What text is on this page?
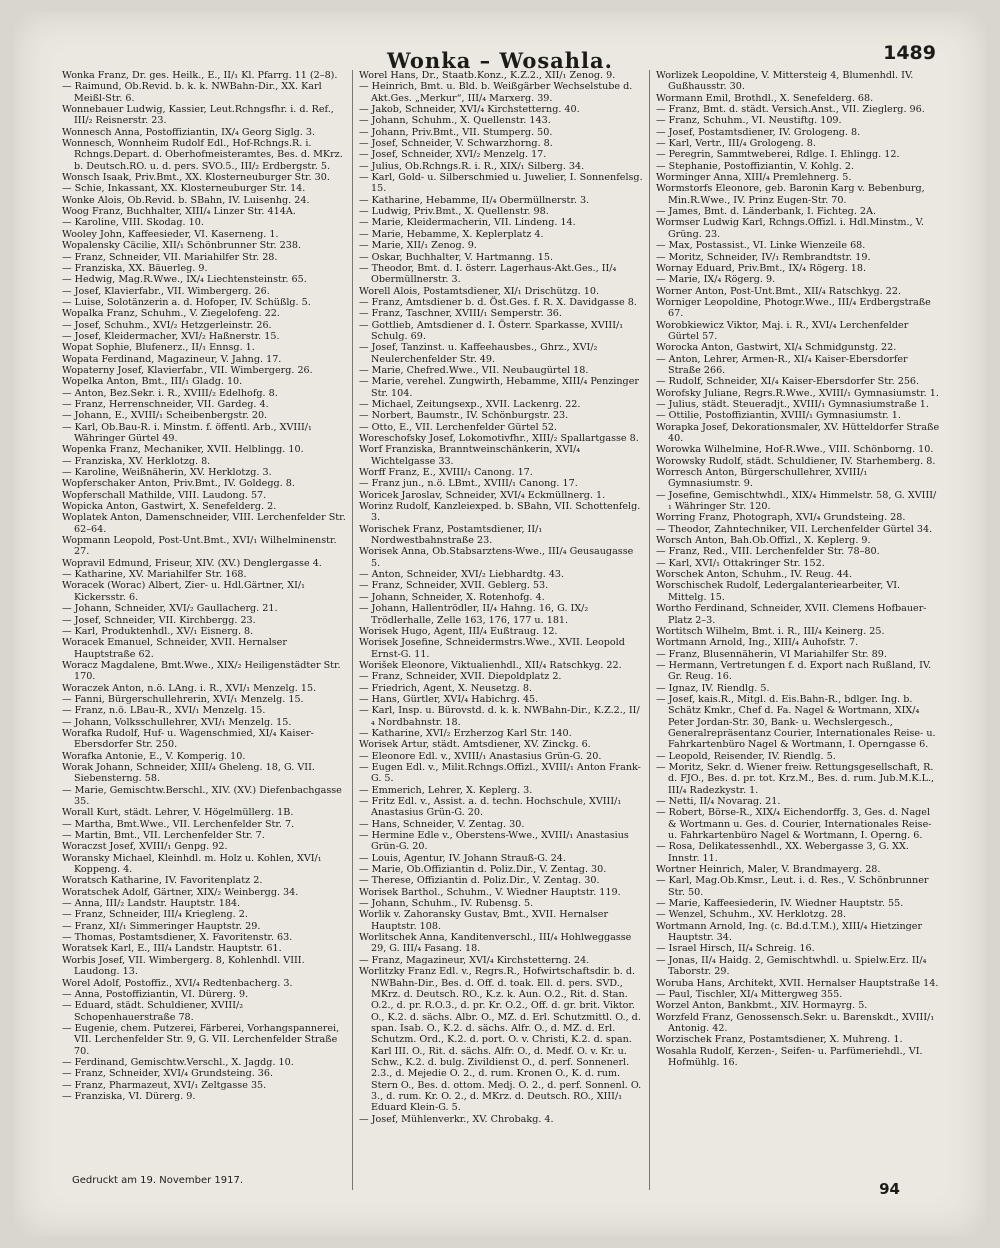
Wonka – Wosahla.	1489

Wonka Franz, Dr. ges. Heilk., E., II/₁ Kl. Pfarrg. 11 (2–8).

— Raimund, Ob.Revid. b. k. k. NWBahn-Dir., XX. Karl Meißl-Str. 6.

Wonnebauer Ludwig, Kassier, Leut.Rchngsfhr. i. d. Ref., III/₂ Reisnerstr. 23.

Wonnesch Anna, Postoffiziantin, IX/₄ Georg Siglg. 3.

Wonnesch, Wonnheim Rudolf Edl., Hof-Rchngs.R. i. Rchngs.Depart. d. Oberhofmeisteramtes, Bes. d. MKrz. b. Deutsch.RO. u. d. pers. SVO.5., III/₂ Erdbergstr. 5.

Wonsch Isaak, Priv.Bmt., XX. Klosterneuburger Str. 30.

— Schie, Inkassant, XX. Klosterneuburger Str. 14.

Wonke Alois, Ob.Revid. b. SBahn, IV. Luisenhg. 24.

Woog Franz, Buchhalter, XIII/₄ Linzer Str. 414A.

— Karoline, VIII. Skodag. 10.

Wooley John, Kaffeesieder, VI. Kaserneng. 1.

Wopalensky Cäcilie, XII/₁ Schönbrunner Str. 238.

— Franz, Schneider, VII. Mariahilfer Str. 28.

— Franziska, XX. Bäuerleg. 9.

— Hedwig, Mag.R.Wwe., IX/₄ Liechtensteinstr. 65.

— Josef, Klavierfabr., VII. Wimbergerg. 26.

— Luise, Solotänzerin a. d. Hofoper, IV. Schüßlg. 5.

Wopalka Franz, Schuhm., V. Ziegelofeng. 22.

— Josef, Schuhm., XVI/₂ Hetzgerleinstr. 26.

— Josef, Kleidermacher, XVI/₂ Haßnerstr. 15.

Wopat Sophie, Blufenerz., II/₁ Ennsg. 1.

Wopata Ferdinand, Magazineur, V. Jahng. 17.

Wopaterny Josef, Klavierfabr., VII. Wimbergerg. 26.

Wopelka Anton, Bmt., III/₁ Gladg. 10.

— Anton, Bez.Sekr. i. R., XVIII/₂ Edelhofg. 8.

— Franz, Herrenschneider, VII. Gardeg. 4.

— Johann, E., XVIII/₁ Scheibenbergstr. 20.

— Karl, Ob.Bau-R. i. Minstm. f. öffentl. Arb., XVIII/₁ Währinger Gürtel 49.

Wopenka Franz, Mechaniker, XVII. Helblingg. 10.

— Franziska, XV. Herklotzg. 8.

— Karoline, Weißnäherin, XV. Herklotzg. 3.

Wopferschaker Anton, Priv.Bmt., IV. Goldegg. 8.

Wopferschall Mathilde, VIII. Laudong. 57.

Wopicka Anton, Gastwirt, X. Senefelderg. 2.

Woplatek Anton, Damenschneider, VIII. Lerchenfelder Str. 62–64.

Wopmann Leopold, Post-Unt.Bmt., XVI/₁ Wilhelminenstr. 27.

Wopravil Edmund, Friseur, XIV. (XV.) Denglergasse 4.

— Katharine, XV. Mariahilfer Str. 168.

Woracek (Worac) Albert, Zier- u. Hdl.Gärtner, XI/₁ Kickersstr. 6.

— Johann, Schneider, XVI/₂ Gaullacherg. 21.

— Josef, Schneider, VII. Kirchbergg. 23.

— Karl, Produktenhdl., XV/₁ Eisnerg. 8.

Woracek Emanuel, Schneider, XVII. Hernalser Hauptstraße 62.

Woracz Magdalene, Bmt.Wwe., XIX/₂ Heiligenstädter Str. 170.

Woraczek Anton, n.ö. LAng. i. R., XVI/₁ Menzelg. 15.

— Fanni, Bürgerschullehrerin, XVI/₁ Menzelg. 15.

— Franz, n.ö. LBau-R., XVI/₁ Menzelg. 15.

— Johann, Volksschullehrer, XVI/₁ Menzelg. 15.

Worafka Rudolf, Huf- u. Wagenschmied, XI/₄ Kaiser-Ebersdorfer Str. 250.

Worafka Antonie, E., V. Komperig. 10.

Worak Johann, Schneider, XIII/₄ Gheleng. 18, G. VII. Siebensterng. 58.

— Marie, Gemischtw.Berschl., XIV. (XV.) Diefenbachgasse 35.

Worall Kurt, städt. Lehrer, V. Högelmüllerg. 1B.

— Martha, Bmt.Wwe., VII. Lerchenfelder Str. 7.

— Martin, Bmt., VII. Lerchenfelder Str. 7.

Woraczst Josef, XVIII/₁ Genpg. 92.

Woransky Michael, Kleinhdl. m. Holz u. Kohlen, XVI/₁ Koppeng. 4.

Woratsch Katharine, IV. Favoritenplatz 2.

Woratschek Adolf, Gärtner, XIX/₂ Weinbergg. 34.

— Anna, III/₂ Landstr. Hauptstr. 184.

— Franz, Schneider, III/₄ Kriegleng. 2.

— Franz, XI/₁ Simmeringer Hauptstr. 29.

— Thomas, Postamtsdiener, X. Favoritenstr. 63.

Woratsek Karl, E., III/₄ Landstr. Hauptstr. 61.

Worbis Josef, VII. Wimbergerg. 8, Kohlenhdl. VIII. Laudong. 13.

Worel Adolf, Postoffiz., XVI/₄ Redtenbacherg. 3.

— Anna, Postoffiziantin, VI. Dürerg. 9.

— Eduard, städt. Schuldiener, XVIII/₂ Schopenhauerstraße 78.

— Eugenie, chem. Putzerei, Färberei, Vorhangspannerei, VII. Lerchenfelder Str. 9, G. VII. Lerchenfelder Straße 70.

— Ferdinand, Gemischtw.Verschl., X. Jagdg. 10.

— Franz, Schneider, XVI/₄ Grundsteing. 36.

— Franz, Pharmazeut, XVI/₁ Zeltgasse 35.

— Franziska, VI. Dürerg. 9.

Worel Hans, Dr., Staatb.Konz., K.Z.2., XII/₁ Zenog. 9.

— Heinrich, Bmt. u. Bld. b. Weißgärber Wechselstube d. Akt.Ges. „Merkur“, III/₄ Marxerg. 39.

— Jakob, Schneider, XVI/₄ Kirchstetterng. 40.

— Johann, Schuhm., X. Quellenstr. 143.

— Johann, Priv.Bmt., VII. Stumperg. 50.

— Josef, Schneider, V. Schwarzhorng. 8.

— Josef, Schneider, XVI/₂ Menzelg. 17.

— Julius, Ob.Rchngs.R. i. R., XIX/₁ Silberg. 34.

— Karl, Gold- u. Silberschmied u. Juwelier, I. Sonnenfelsg. 15.

— Katharine, Hebamme, II/₄ Obermüllnerstr. 3.

— Ludwig, Priv.Bmt., X. Quellenstr. 98.

— Marie, Kleidermacherin, VII. Lindeng. 14.

— Marie, Hebamme, X. Keplerplatz 4.

— Marie, XII/₁ Zenog. 9.

— Oskar, Buchhalter, V. Hartmanng. 15.

— Theodor, Bmt. d. I. österr. Lagerhaus-Akt.Ges., II/₄ Obermüllnerstr. 3.

Worell Alois, Postamtsdiener, XI/₁ Drischützg. 10.

— Franz, Amtsdiener b. d. Öst.Ges. f. R. X. Davidgasse 8.

— Franz, Taschner, XVIII/₁ Semperstr. 36.

— Gottlieb, Amtsdiener d. I. Österr. Sparkasse, XVIII/₁ Schulg. 69.

— Josef, Tanzinst. u. Kaffeehausbes., Ghrz., XVI/₂ Neulerchenfelder Str. 49.

— Marie, Chefred.Wwe., VII. Neubaugürtel 18.

— Marie, verehel. Zungwirth, Hebamme, XIII/₄ Penzinger Str. 104.

— Michael, Zeitungsexp., XVII. Lackenrg. 22.

— Norbert, Baumstr., IV. Schönburgstr. 23.

— Otto, E., VII. Lerchenfelder Gürtel 52.

Woreschofsky Josef, Lokomotivfhr., XIII/₂ Spallartgasse 8.

Worf Franziska, Branntweinschänkerin, XVI/₄ Wichtelgasse 33.

Worff Franz, E., XVIII/₁ Canong. 17.

— Franz jun., n.ö. LBmt., XVIII/₁ Canong. 17.

Woricek Jaroslav, Schneider, XVI/₄ Eckmüllnerg. 1.

Worinz Rudolf, Kanzleiexped. b. SBahn, VII. Schottenfelg. 3.

Worischek Franz, Postamtsdiener, II/₁ Nordwestbahnstraße 23.

Worisek Anna, Ob.Stabsarztens-Wwe., III/₄ Geusaugasse 5.

— Anton, Schneider, XVI/₂ Liebhardtg. 43.

— Franz, Schneider, XVII. Geblerg. 53.

— Johann, Schneider, X. Rotenhofg. 4.

— Johann, Hallentrödler, II/₄ Hahng. 16, G. IX/₂ Trödlerhalle, Zelle 163, 176, 177 u. 181.

Worisek Hugo, Agent, III/₄ Eußtraug. 12.

Worisek Josefine, Schneidermstrs.Wwe., XVII. Leopold Ernst-G. 11.

Worišek Eleonore, Viktualienhdl., XII/₄ Ratschkyg. 22.

— Franz, Schneider, XVII. Diepoldplatz 2.

— Friedrich, Agent, X. Neusetzg. 8.

— Hans, Gürtler, XVI/₄ Habichrg. 45.

— Karl, Insp. u. Bürovstd. d. k. k. NWBahn-Dir., K.Z.2., II/₄ Nordbahnstr. 18.

— Katharine, XVI/₂ Erzherzog Karl Str. 140.

Worisek Artur, städt. Amtsdiener, XV. Zinckg. 6.

— Eleonore Edl. v., XVIII/₁ Anastasius Grün-G. 20.

— Eugen Edl. v., Milit.Rchngs.Offizl., XVIII/₁ Anton Frank-G. 5.

— Emmerich, Lehrer, X. Keplerg. 3.

— Fritz Edl. v., Assist. a. d. techn. Hochschule, XVIII/₁ Anastasius Grün-G. 20.

— Hans, Schneider, V. Zentag. 30.

— Hermine Edle v., Oberstens-Wwe., XVIII/₁ Anastasius Grün-G. 20.

— Louis, Agentur, IV. Johann Strauß-G. 24.

— Marie, Ob.Offiziantin d. Poliz.Dir., V. Zentag. 30.

— Therese, Offiziantin d. Poliz.Dir., V. Zentag. 30.

Worisek Barthol., Schuhm., V. Wiedner Hauptstr. 119.

— Johann, Schuhm., IV. Rubensg. 5.

Worlik v. Zahoransky Gustav, Bmt., XVII. Hernalser Hauptstr. 108.

Worlitschek Anna, Kanditenverschl., III/₄ Hohlweggasse 29, G. III/₄ Fasang. 18.

— Franz, Magazineur, XVI/₄ Kirchstetterng. 24.

Worlitzky Franz Edl. v., Regrs.R., Hofwirtschaftsdir. b. d. NWBahn-Dir., Bes. d. Off. d. toak. Ell. d. pers. SVD., MKrz. d. Deutsch. RO., K.z. k. Aun. O.2., Rit. d. Stan. O.2., d. pr. R.O.3., d. pr. Kr. O.2., Off. d. gr. brit. Viktor. O., K.2. d. sächs. Albr. O., MZ. d. Erl. Schutzmittl. O., d. span. Isab. O., K.2. d. sächs. Alfr. O., d. MZ. d. Erl. Schutzm. Ord., K.2. d. port. O. v. Christi, K.2. d. span. Karl III. O., Rit. d. sächs. Alfr. O., d. Medf. O. v. Kr. u. Schw., K.2. d. bulg. Zivildienst O., d. perf. Sonnenerl. 2.3., d. Mejedie O. 2., d. rum. Kronen O., K. d. rum. Stern O., Bes. d. ottom. Medj. O. 2., d. perf. Sonnenl. O. 3., d. rum. Kr. O. 2., d. MKrz. d. Deutsch. RO., XIII/₁ Eduard Klein-G. 5.

— Josef, Mühlenverkr., XV. Chrobakg. 4.

Worlizek Leopoldine, V. Mittersteig 4, Blumenhdl. IV. Gußhausstr. 30.

Wormann Emil, Brothdl., X. Senefelderg. 68.

— Franz, Bmt. d. städt. Versich.Anst., VII. Zieglerg. 96.

— Franz, Schuhm., VI. Neustiftg. 109.

— Josef, Postamtsdiener, IV. Grologeng. 8.

— Karl, Vertr., III/₄ Grologeng. 8.

— Peregrin, Sammtweberei, Rdlge. I. Ehlingg. 12.

— Stephanie, Postoffiziantin, V. Kohlg. 2.

Worminger Anna, XIII/₄ Premlehnerg. 5.

Wormstorfs Eleonore, geb. Baronin Karg v. Bebenburg, Min.R.Wwe., IV. Prinz Eugen-Str. 70.

— James, Bmt. d. Länderbank, I. Fichteg. 2A.

Wormser Ludwig Karl, Rchngs.Offizl. i. Hdl.Minstm., V. Grüng. 23.

— Max, Postassist., VI. Linke Wienzeile 68.

— Moritz, Schneider, IV/₁ Rembrandtstr. 19.

Wornay Eduard, Priv.Bmt., IX/₄ Rögerg. 18.

— Marie, IX/₄ Rögerg. 9.

Worner Anton, Post-Unt.Bmt., XII/₄ Ratschkyg. 22.

Worniger Leopoldine, Photogr.Wwe., III/₄ Erdbergstraße 67.

Worobkiewicz Viktor, Maj. i. R., XVI/₄ Lerchenfelder Gürtel 57.

Worocka Anton, Gastwirt, XI/₄ Schmidgunstg. 22.

— Anton, Lehrer, Armen-R., XI/₄ Kaiser-Ebersdorfer Straße 266.

— Rudolf, Schneider, XI/₄ Kaiser-Ebersdorfer Str. 256.

Worofsky Juliane, Regrs.R.Wwe., XVIII/₁ Gymnasiumstr. 1.

— Julius, städt. Steueradjt., XVIII/₁ Gymnasiumstraße 1.

— Ottilie, Postoffiziantin, XVIII/₁ Gymnasiumstr. 1.

Worapka Josef, Dekorationsmaler, XV. Hütteldorfer Straße 40.

Worowka Wilhelmine, Hof-R.Wwe., VIII. Schönborng. 10.

Worowsky Rudolf, städt. Schuldiener, IV. Starhemberg. 8.

Worresch Anton, Bürgerschullehrer, XVIII/₁ Gymnasiumstr. 9.

— Josefine, Gemischtwhdl., XIX/₄ Himmelstr. 58, G. XVIII/₁ Währinger Str. 120.

Worring Franz, Photograph, XVI/₄ Grundsteing. 28.

— Theodor, Zahntechniker, VII. Lerchenfelder Gürtel 34.

Worsch Anton, Bah.Ob.Offizl., X. Keplerg. 9.

— Franz, Red., VIII. Lerchenfelder Str. 78–80.

— Karl, XVI/₁ Ottakringer Str. 152.

Worschek Anton, Schuhm., IV. Reug. 44.

Worschischek Rudolf, Ledergalanteriearbeiter, VI. Mittelg. 15.

Wortho Ferdinand, Schneider, XVII. Clemens Hofbauer-Platz 2–3.

Wortitsch Wilhelm, Bmt. i. R., III/₄ Keinerg. 25.

Wortmann Arnold, Ing., XIII/₄ Auhofstr. 7.

— Franz, Blusennäherin, VI Mariahilfer Str. 89.

— Hermann, Vertretungen f. d. Export nach Rußland, IV. Gr. Reug. 16.

— Ignaz, IV. Riendlg. 5.

— Josef, kais.R., Mitgl. d. Eis.Bahn-R., bdlger. Ing. b. Schätz Kmkr., Chef d. Fa. Nagel & Wortmann, XIX/₄ Peter Jordan-Str. 30, Bank- u. Wechslergesch., Generalrepräsentanz Courier, Internationales Reise- u. Fahrkartenbüro Nagel & Wortmann, I. Operngasse 6.

— Leopold, Reisender, IV. Riendlg. 5.

— Moritz, Sekr. d. Wiener freiw. Rettungsgesellschaft, R. d. FJO., Bes. d. pr. tot. Krz.M., Bes. d. rum. Jub.M.K.L., III/₄ Radezkystr. 1.

— Netti, II/₄ Novarag. 21.

— Robert, Börse-R., XIX/₄ Eichendorffg. 3, Ges. d. Nagel & Wortmann u. Ges. d. Courier, Internationales Reise- u. Fahrkartenbüro Nagel & Wortmann, I. Operng. 6.

— Rosa, Delikatessenhdl., XX. Webergasse 3, G. XX. Innstr. 11.

Wortner Heinrich, Maler, V. Brandmayerg. 28.

— Karl, Mag.Ob.Kmsr., Leut. i. d. Res., V. Schönbrunner Str. 50.

— Marie, Kaffeesiederin, IV. Wiedner Hauptstr. 55.

— Wenzel, Schuhm., XV. Herklotzg. 28.

Wortmann Arnold, Ing. (c. Bd.d.T.M.), XIII/₄ Hietzinger Hauptstr. 34.

— Israel Hirsch, II/₄ Schreig. 16.

— Jonas, II/₄ Haidg. 2, Gemischtwhdl. u. Spielw.Erz. II/₄ Taborstr. 29.

Woruba Hans, Architekt, XVII. Hernalser Hauptstraße 14.

— Paul, Tischler, XI/₄ Mittergweg 355.

Worzel Anton, Bankbmt., XIV. Hormayrg. 5.

Worzfeld Franz, Genossensch.Sekr. u. Barenskdt., XVIII/₁ Antonig. 42.

Worzischek Franz, Postamtsdiener, X. Muhreng. 1.

Wosahla Rudolf, Kerzen-, Seifen- u. Parfümeriehdl., VI. Hofmühlg. 16.

Gedruckt am 19. November 1917.	94
